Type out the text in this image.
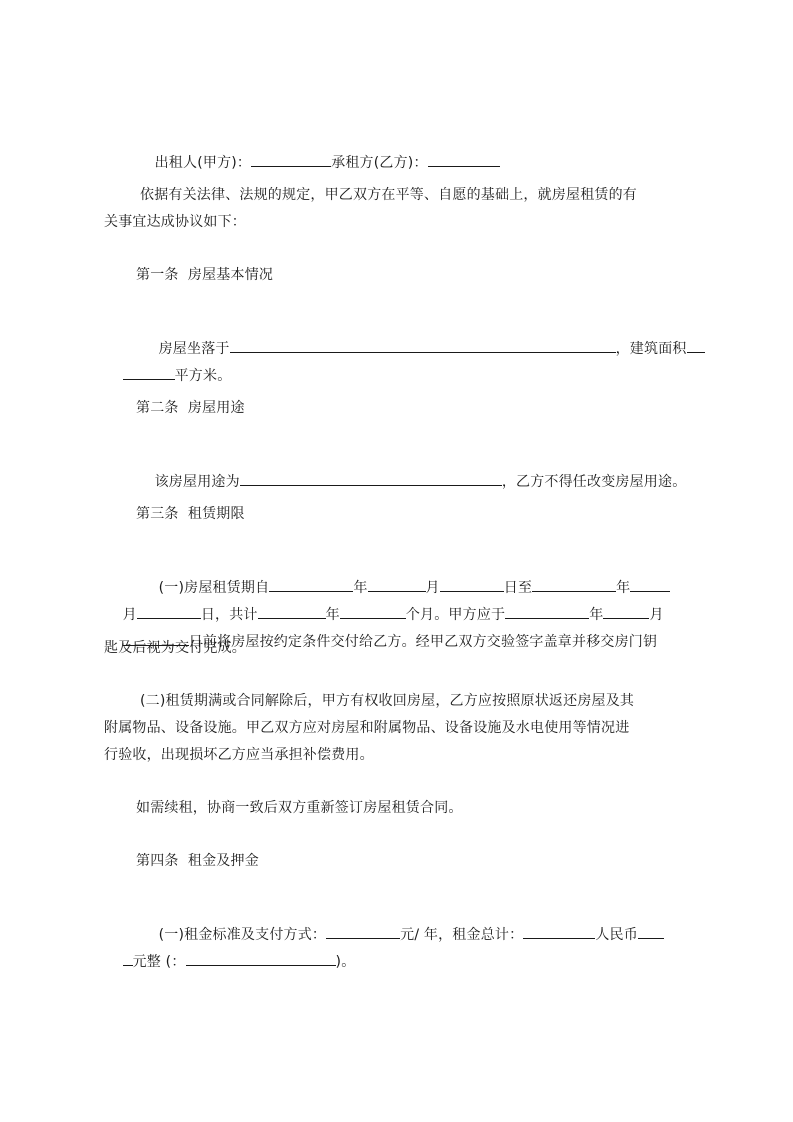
出租人(甲方)：	承租方(乙方)：

依据有关法律、法规的规定，甲乙双方在平等、自愿的基础上，就房屋租赁的有
关事宜达成协议如下：
第一条  房屋基本情况

房屋坐落于	，建筑面积

平方米。

第二条  房屋用途

该房屋用途为	，乙方不得任改变房屋用途。

第三条  租赁期限

(一)房屋租赁期自	年	月	日至	年

月	日，共计	年	个月。甲方应于	年	月

日前将房屋按约定条件交付给乙方。经甲乙双方交验签字盖章并移交房门钥

匙及后视为交付完成。
(二)租赁期满或合同解除后，甲方有权收回房屋，乙方应按照原状返还房屋及其
附属物品、设备设施。甲乙双方应对房屋和附属物品、设备设施及水电使用等情况进
行验收，出现损坏乙方应当承担补偿费用。
如需续租，协商一致后双方重新签订房屋租赁合同。
第四条  租金及押金

(一)租金标准及支付方式：	元/ 年，租金总计：	人民币

元整 (：	)。
